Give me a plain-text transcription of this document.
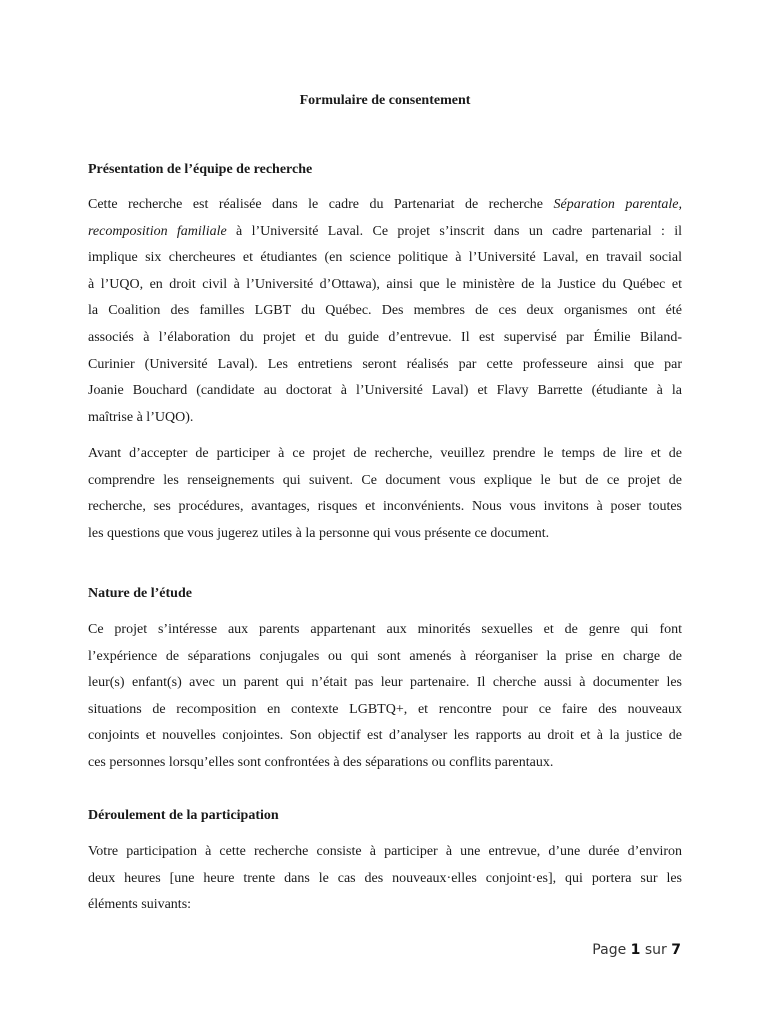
Formulaire de consentement
Présentation de l’équipe de recherche
Cette recherche est réalisée dans le cadre du Partenariat de recherche Séparation parentale,
recomposition familiale à l’Université Laval. Ce projet s’inscrit dans un cadre partenarial : il
implique six chercheures et étudiantes (en science politique à l’Université Laval, en travail social
à l’UQO, en droit civil à l’Université d’Ottawa), ainsi que le ministère de la Justice du Québec et
la Coalition des familles LGBT du Québec. Des membres de ces deux organismes ont été
associés à l’élaboration du projet et du guide d’entrevue. Il est supervisé par Émilie Biland-
Curinier (Université Laval). Les entretiens seront réalisés par cette professeure ainsi que par
Joanie Bouchard (candidate au doctorat à l’Université Laval) et Flavy Barrette (étudiante à la
maîtrise à l’UQO).
Avant d’accepter de participer à ce projet de recherche, veuillez prendre le temps de lire et de
comprendre les renseignements qui suivent. Ce document vous explique le but de ce projet de
recherche, ses procédures, avantages, risques et inconvénients. Nous vous invitons à poser toutes
les questions que vous jugerez utiles à la personne qui vous présente ce document.
Nature de l’étude
Ce projet s’intéresse aux parents appartenant aux minorités sexuelles et de genre qui font
l’expérience de séparations conjugales ou qui sont amenés à réorganiser la prise en charge de
leur(s) enfant(s) avec un parent qui n’était pas leur partenaire. Il cherche aussi à documenter les
situations de recomposition en contexte LGBTQ+, et rencontre pour ce faire des nouveaux
conjoints et nouvelles conjointes. Son objectif est d’analyser les rapports au droit et à la justice de
ces personnes lorsqu’elles sont confrontées à des séparations ou conflits parentaux.
Déroulement de la participation
Votre participation à cette recherche consiste à participer à une entrevue, d’une durée d’environ
deux heures [une heure trente dans le cas des nouveaux·elles conjoint·es], qui portera sur les
éléments suivants:
Page 1 sur 7
